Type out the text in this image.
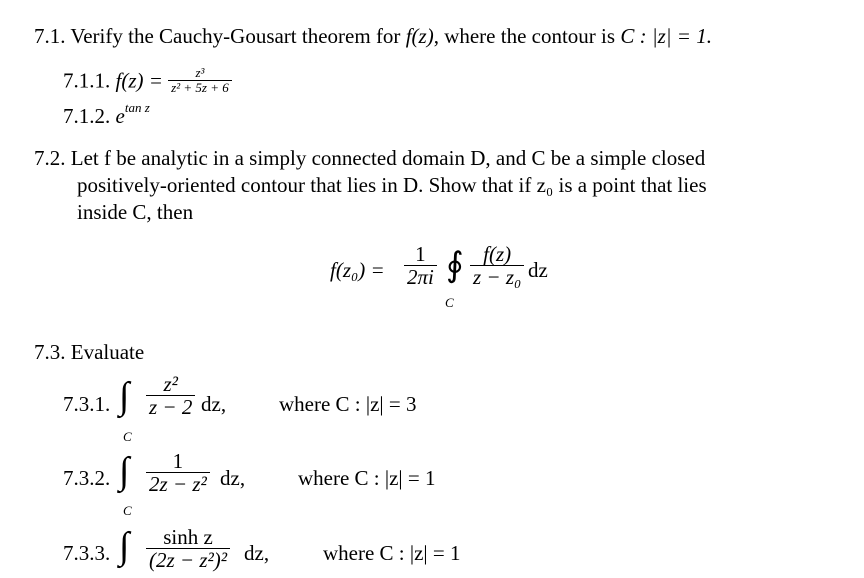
7.1. Verify the Cauchy-Gousart theorem for f(z), where the contour is C : |z| = 1.
7.1.1. $f(z) = \frac{\text{z³}}{\text{z² + 5z + 6}}$
7.1.2. $e^{tan z}$
7.2. Let f be analytic in a simply connected domain D, and C be a simple closed
positively-oriented contour that lies in D. Show that if z₀ is a point that lies
inside C, then
$f(z_0) = \frac{1}{2\pi i}$ ∮
C
$\frac{f(z)}{\text{z − z₀}}$ dz
7.3. Evaluate
7.3.1. ∫
C
$\frac{\text{z²}}{z - 2}$ dz,	where C : |z| = 3
7.3.2. ∫
C
$\frac{1}{\text{2z − z²}}$ dz,	where C : |z| = 1
7.3.3. ∫ $\frac{\text{sinh z}}{\text{(2z − z²)²}}$ dz,	where C : |z| = 1
